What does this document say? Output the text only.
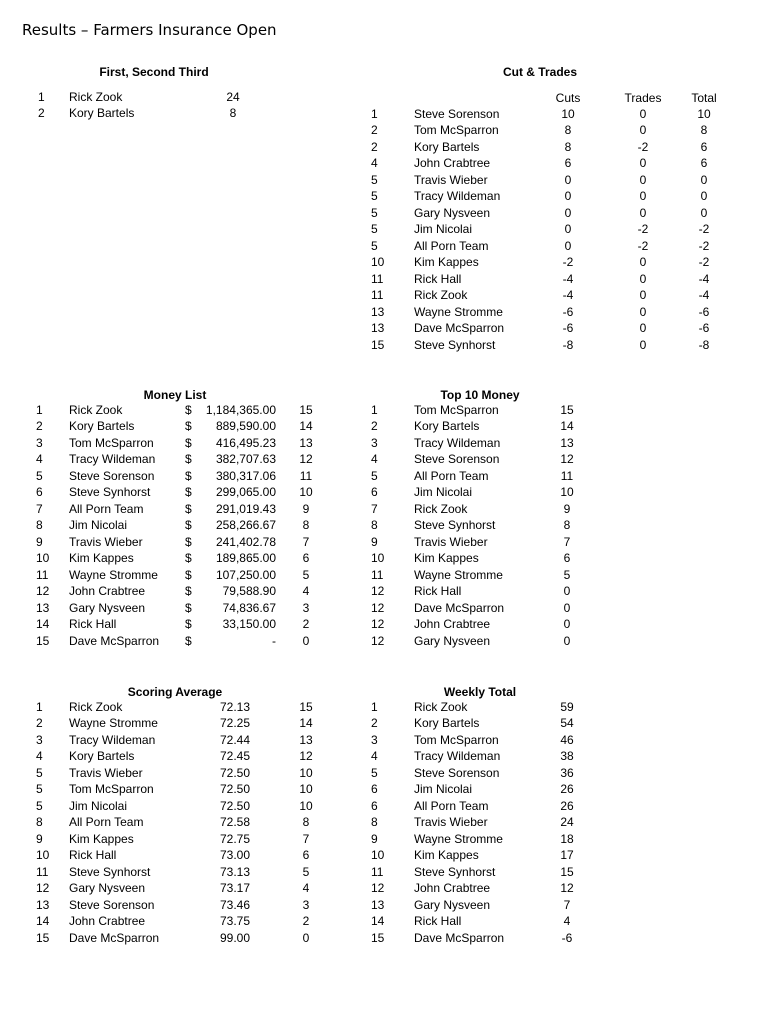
Results – Farmers Insurance Open
First, Second Third
1 Rick Zook	24
2 Kory Bartels	8
Cut & Trades
Cuts	Trades	Total
1	Steve Sorenson	10	0	10
2	Tom McSparron	8	0	8
2	Kory Bartels	8	-2	6
4	John Crabtree	6	0	6
5	Travis Wieber	0	0	0
5	Tracy Wildeman	0	0	0
5	Gary Nysveen	0	0	0
5	Jim Nicolai	0	-2	-2
5	All Porn Team	0	-2	-2
10 Kim Kappes	-2	0	-2
11	Rick Hall	-4	0	-4
11	Rick Zook	-4	0	-4
13 Wayne Stromme	-6	0	-6
13 Dave McSparron	-6	0	-6
15 Steve Synhorst	-8	0	-8
Money List
1 Rick Zook	$ 1,184,365.00	15
2 Kory Bartels	$ 889,590.00	14
3 Tom McSparron	$ 416,495.23	13
4 Tracy Wildeman $ 382,707.63	12
5 Steve Sorenson	$ 380,317.06	11
6 Steve Synhorst	$ 299,065.00	10
7 All Porn Team	$ 291,019.43	9
8 Jim Nicolai	$ 258,266.67	8
9 Travis Wieber	$ 241,402.78	7
10 Kim Kappes	$ 189,865.00	6
11 Wayne Stromme $ 107,250.00	5
12 John Crabtree	$	79,588.90	4
13 Gary Nysveen	$	74,836.67	3
14 Rick Hall	$	33,150.00	2
15 Dave McSparron $	-	0
Top 10 Money
1	Tom McSparron	15
2	Kory Bartels	14
3	Tracy Wildeman	13
4	Steve Sorenson	12
5	All Porn Team	11
6	Jim Nicolai	10
7	Rick Zook	9
8	Steve Synhorst	8
9	Travis Wieber	7
10 Kim Kappes	6
11	Wayne Stromme	5
12 Rick Hall	0
12 Dave McSparron	0
12 John Crabtree	0
12 Gary Nysveen	0
Scoring Average
1 Rick Zook	72.13	15
2 Wayne Stromme	72.25	14
3 Tracy Wildeman	72.44	13
4 Kory Bartels	72.45	12
5 Travis Wieber	72.50	10
5 Tom McSparron	72.50	10
5 Jim Nicolai	72.50	10
8 All Porn Team	72.58	8
9 Kim Kappes	72.75	7
10 Rick Hall	73.00	6
11 Steve Synhorst	73.13	5
12 Gary Nysveen	73.17	4
13 Steve Sorenson	73.46	3
14 John Crabtree	73.75	2
15 Dave McSparron	99.00	0
Weekly Total
1	Rick Zook	59
2	Kory Bartels	54
3	Tom McSparron	46
4	Tracy Wildeman	38
5	Steve Sorenson	36
6	Jim Nicolai	26
6	All Porn Team	26
8	Travis Wieber	24
9	Wayne Stromme	18
10 Kim Kappes	17
11	Steve Synhorst	15
12 John Crabtree	12
13 Gary Nysveen	7
14 Rick Hall	4
15 Dave McSparron	-6
